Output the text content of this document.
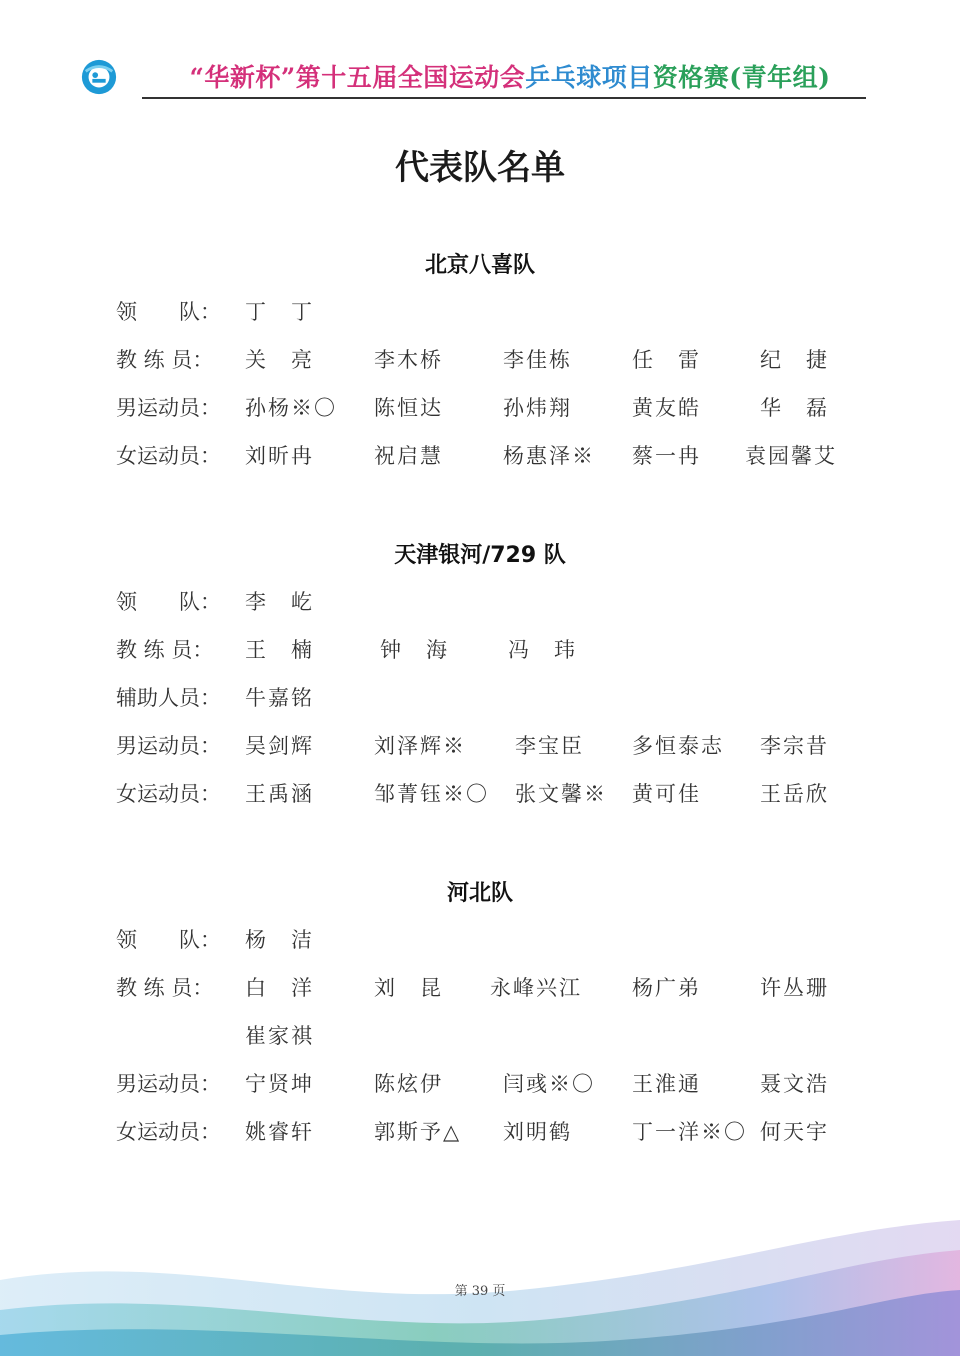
“华新杯”第十五届全国运动会乒乓球项目资格赛(青年组)
代表队名单
北京八喜队
领　　队：	丁　丁
教 练 员：	关　亮	李木桥	李佳栋	任　雷	纪　捷
男运动员：	孙杨※〇 陈恒达	孙炜翔	黄友皓	华　磊
女运动员：	刘昕冉	祝启慧	杨惠泽※ 蔡一冉 袁园馨艾
天津银河/729 队
领　　队：	李　屹
教 练 员：	王　楠	钟　海	冯　玮
辅助人员：	牛嘉铭
男运动员：	吴剑辉	刘泽辉※ 李宝臣 多恒泰志 李宗昔
女运动员：	王禹涵	邹菁钰※〇 张文馨※ 黄可佳	王岳欣
河北队
领　　队：	杨　洁
教 练 员：	白　洋	刘　昆 永峰兴江 杨广弟	许丛珊
崔家祺
男运动员：	宁贤坤	陈炫伊	闫彧※〇 王淮通	聂文浩
女运动员：	姚睿轩	郭斯予△ 刘明鹤	丁一洋※〇 何天宇
第 39 页
